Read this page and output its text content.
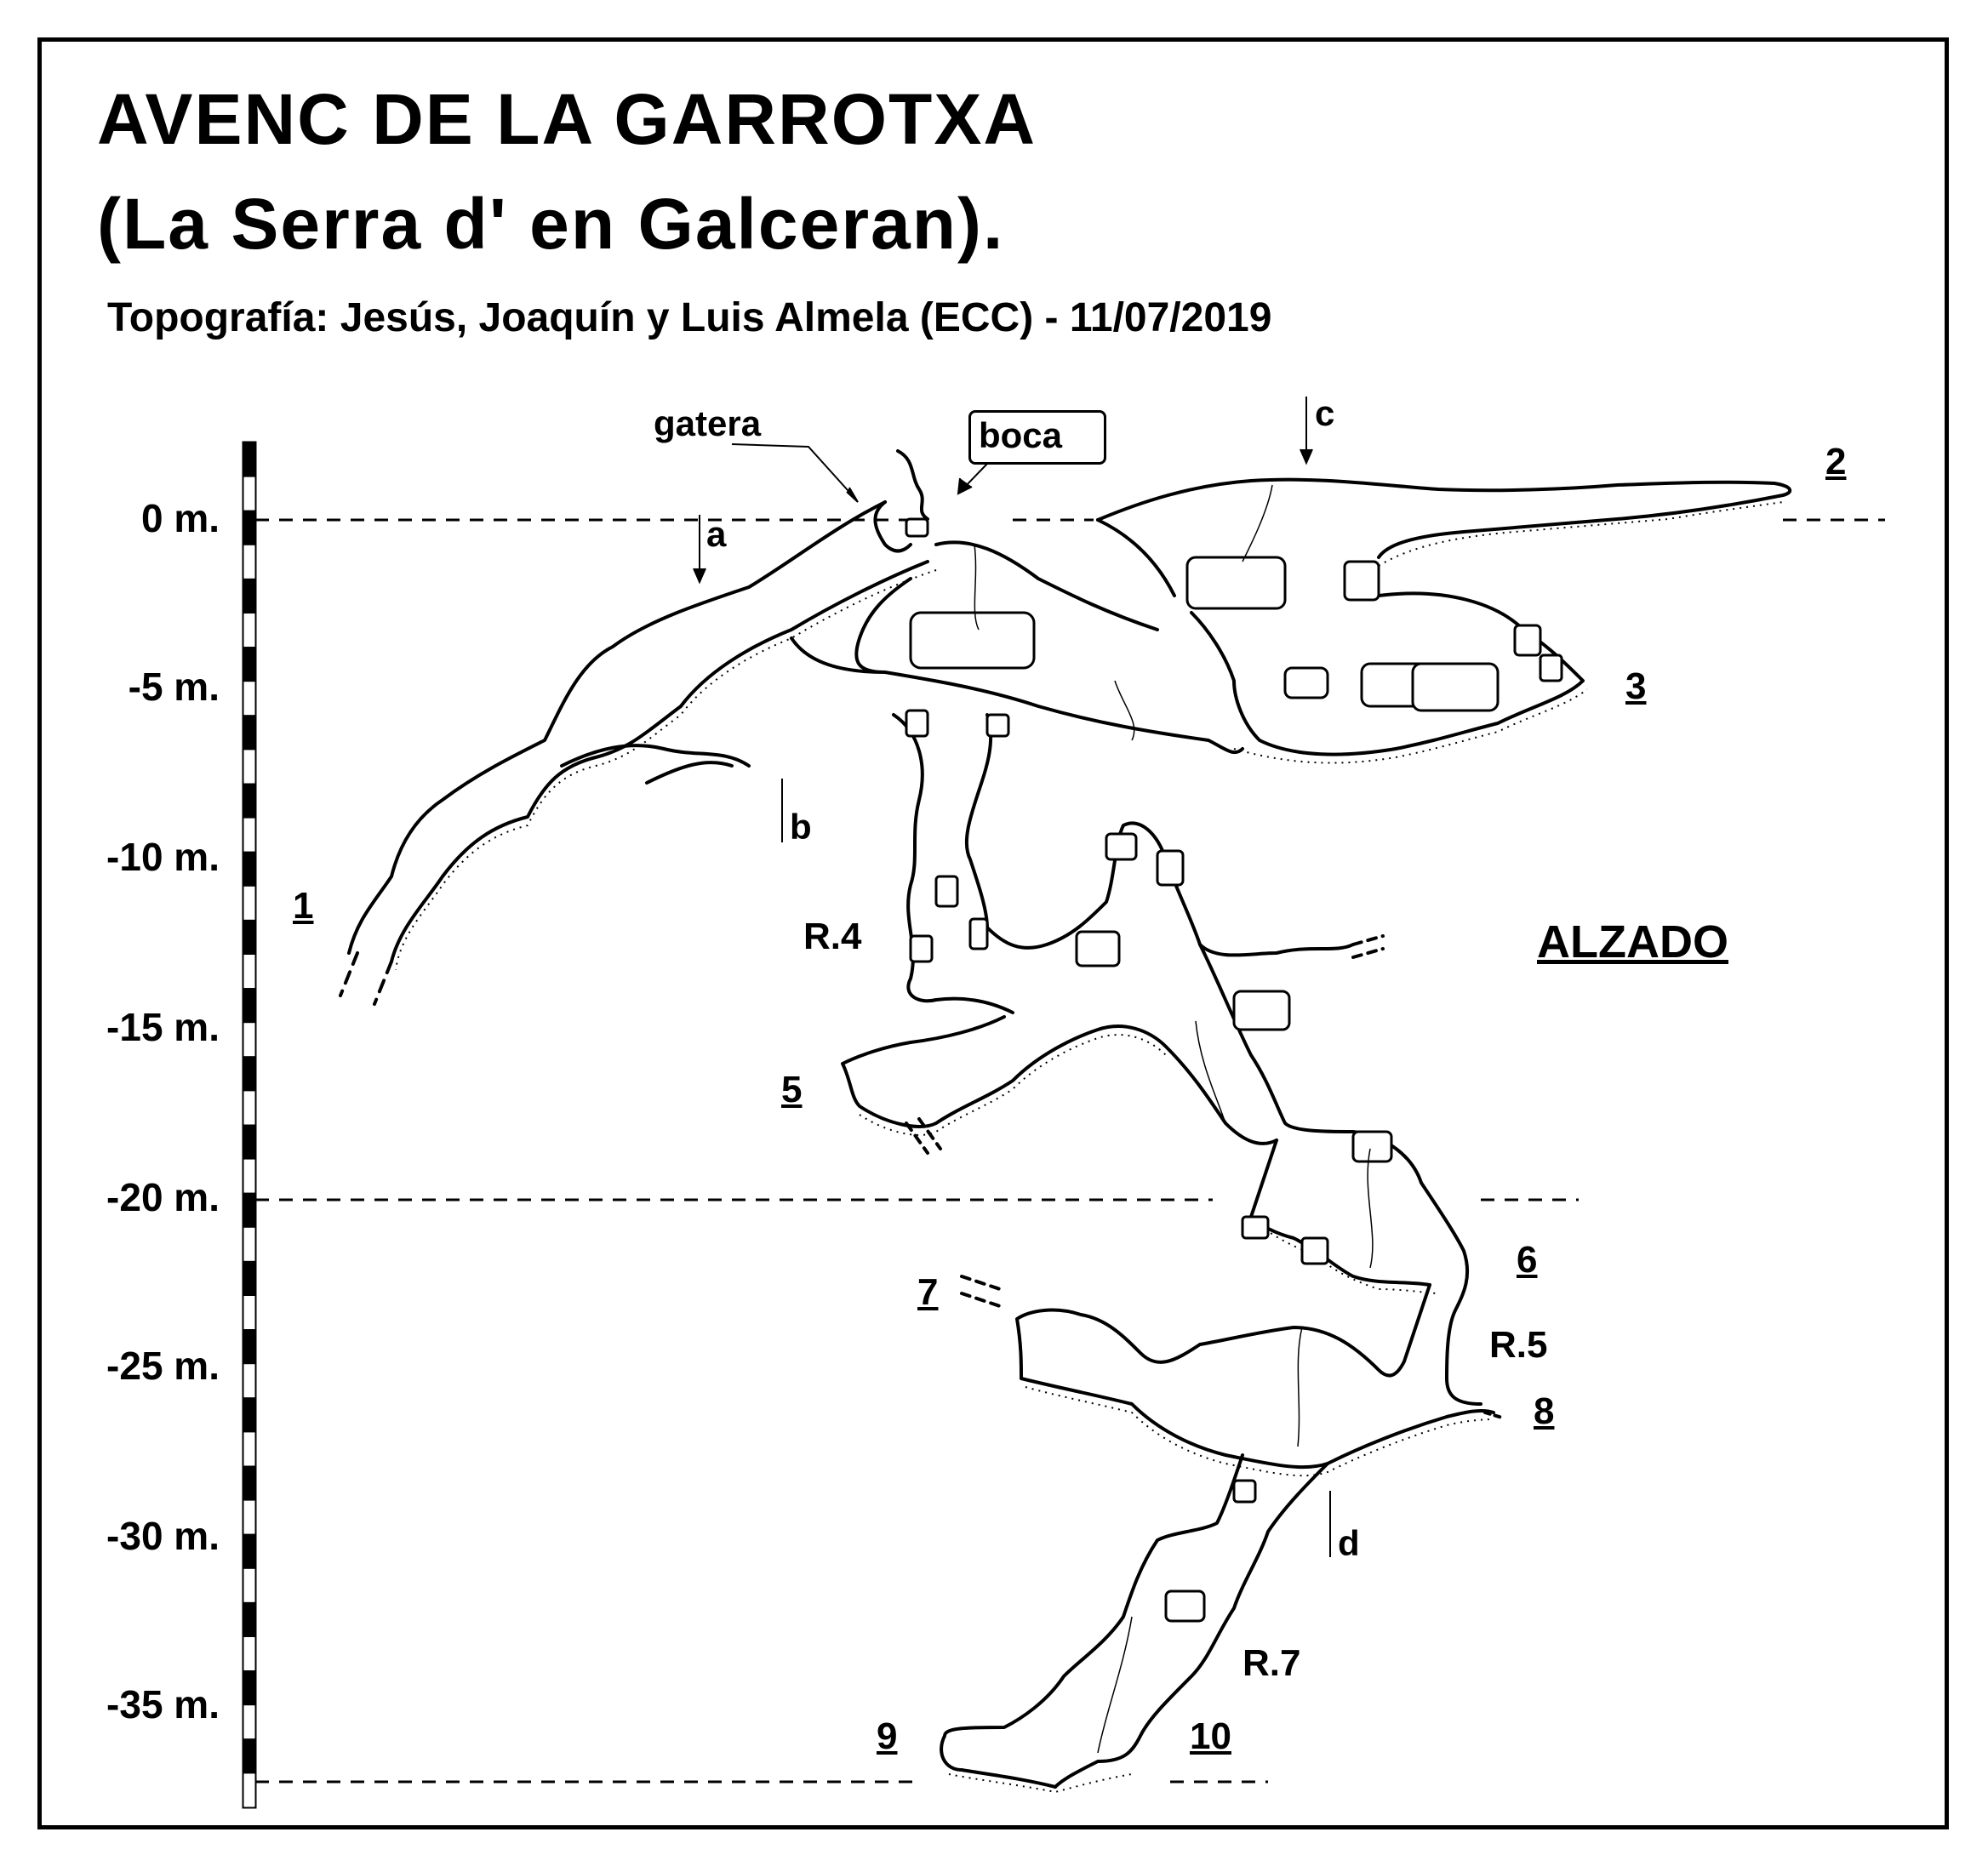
AVENC DE LA GARROTXA
(La Serra d' en Galceran).
Topografía: Jesús, Joaquín y Luis Almela (ECC) - 11/07/2019
0 m.
-5 m.
-10 m.
-15 m.
-20 m.
-25 m.
-30 m.
-35 m.
gatera	boca
a
b
c
d
1
2
3
5
6
7
8
9	10
R.4
R.5
R.7
ALZADO
